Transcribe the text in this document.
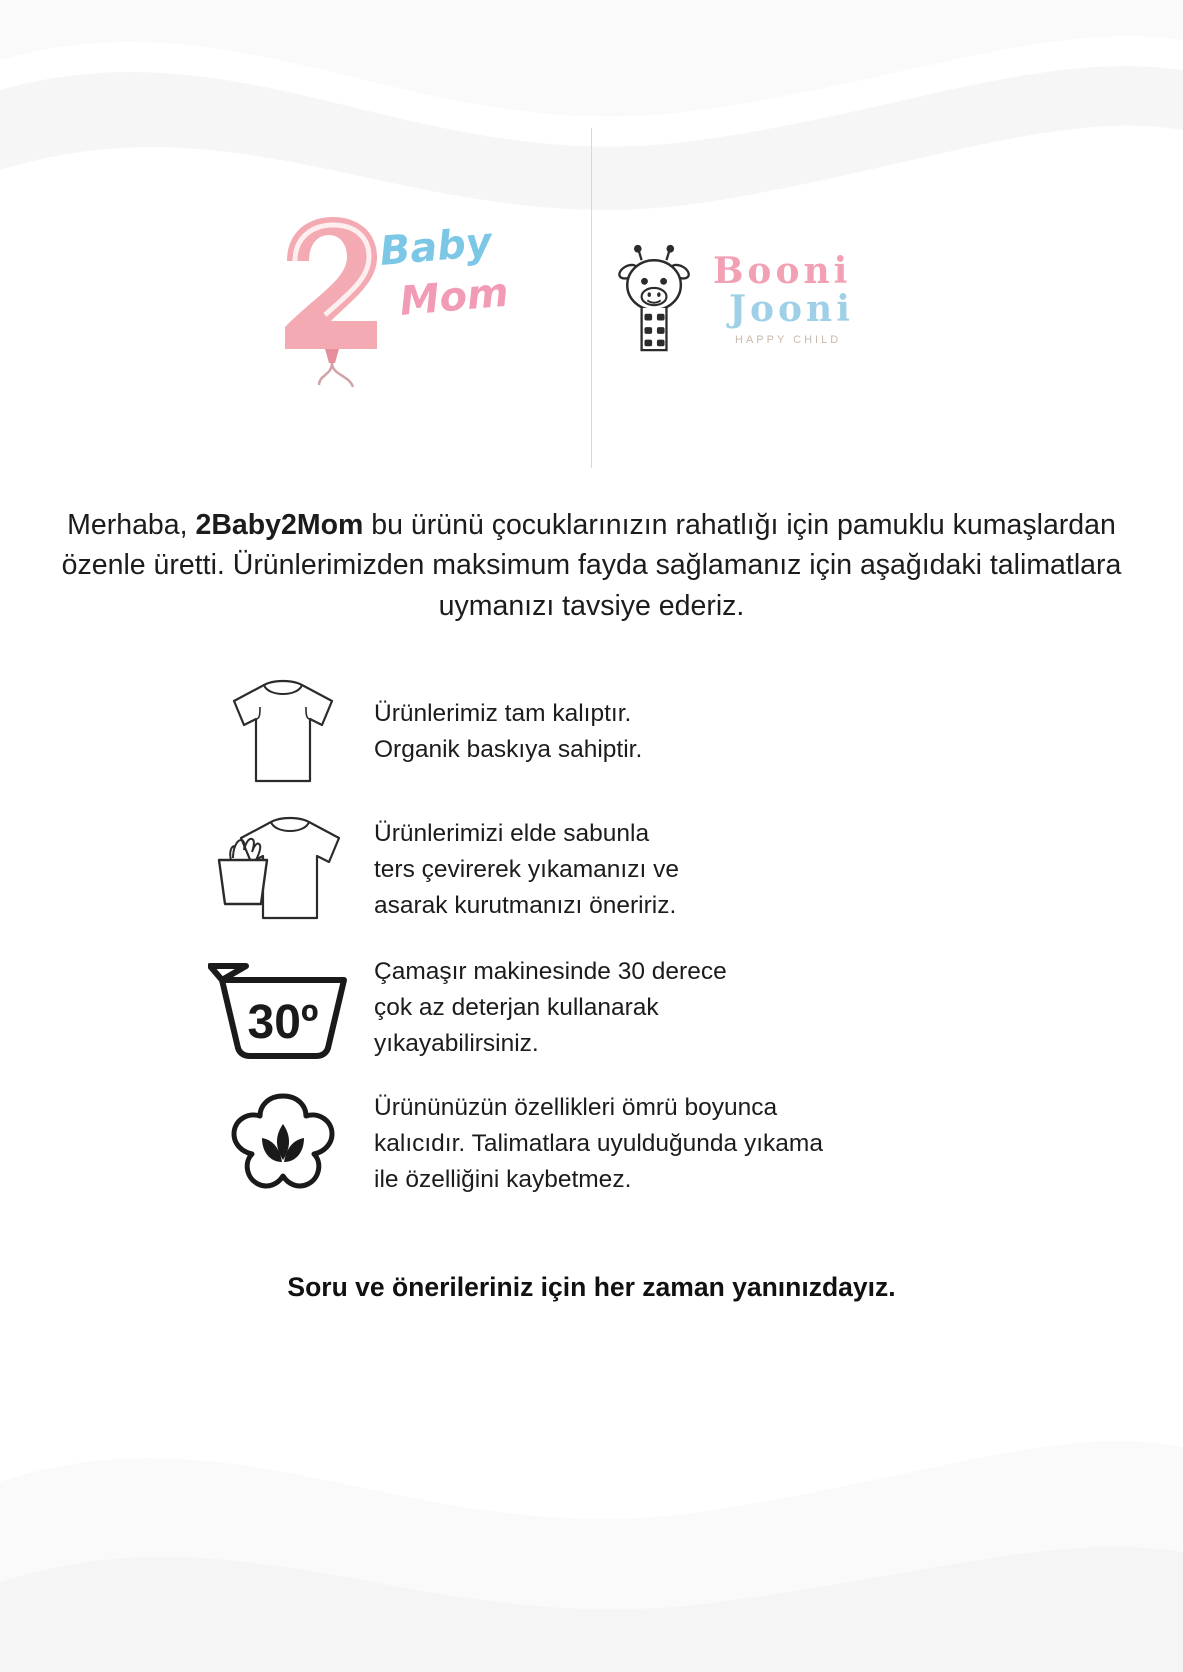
Baby
Mom	Booni
Jooni
HAPPY CHILD
Merhaba, 2Baby2Mom bu ürünü çocuklarınızın rahatlığı için pamuklu kumaşlardan özenle üretti. Ürünlerimizden maksimum fayda sağlamanız için aşağıdaki talimatlara uymanızı tavsiye ederiz.
Ürünlerimiz tam kalıptır.
Organik baskıya sahiptir.
Ürünlerimizi elde sabunla
ters çevirerek yıkamanızı ve
asarak kurutmanızı öneririz.
30º
Çamaşır makinesinde 30 derece
çok az deterjan kullanarak
yıkayabilirsiniz.
Ürününüzün özellikleri ömrü boyunca
kalıcıdır. Talimatlara uyulduğunda yıkama
ile özelliğini kaybetmez.
Soru ve önerileriniz için her zaman yanınızdayız.
